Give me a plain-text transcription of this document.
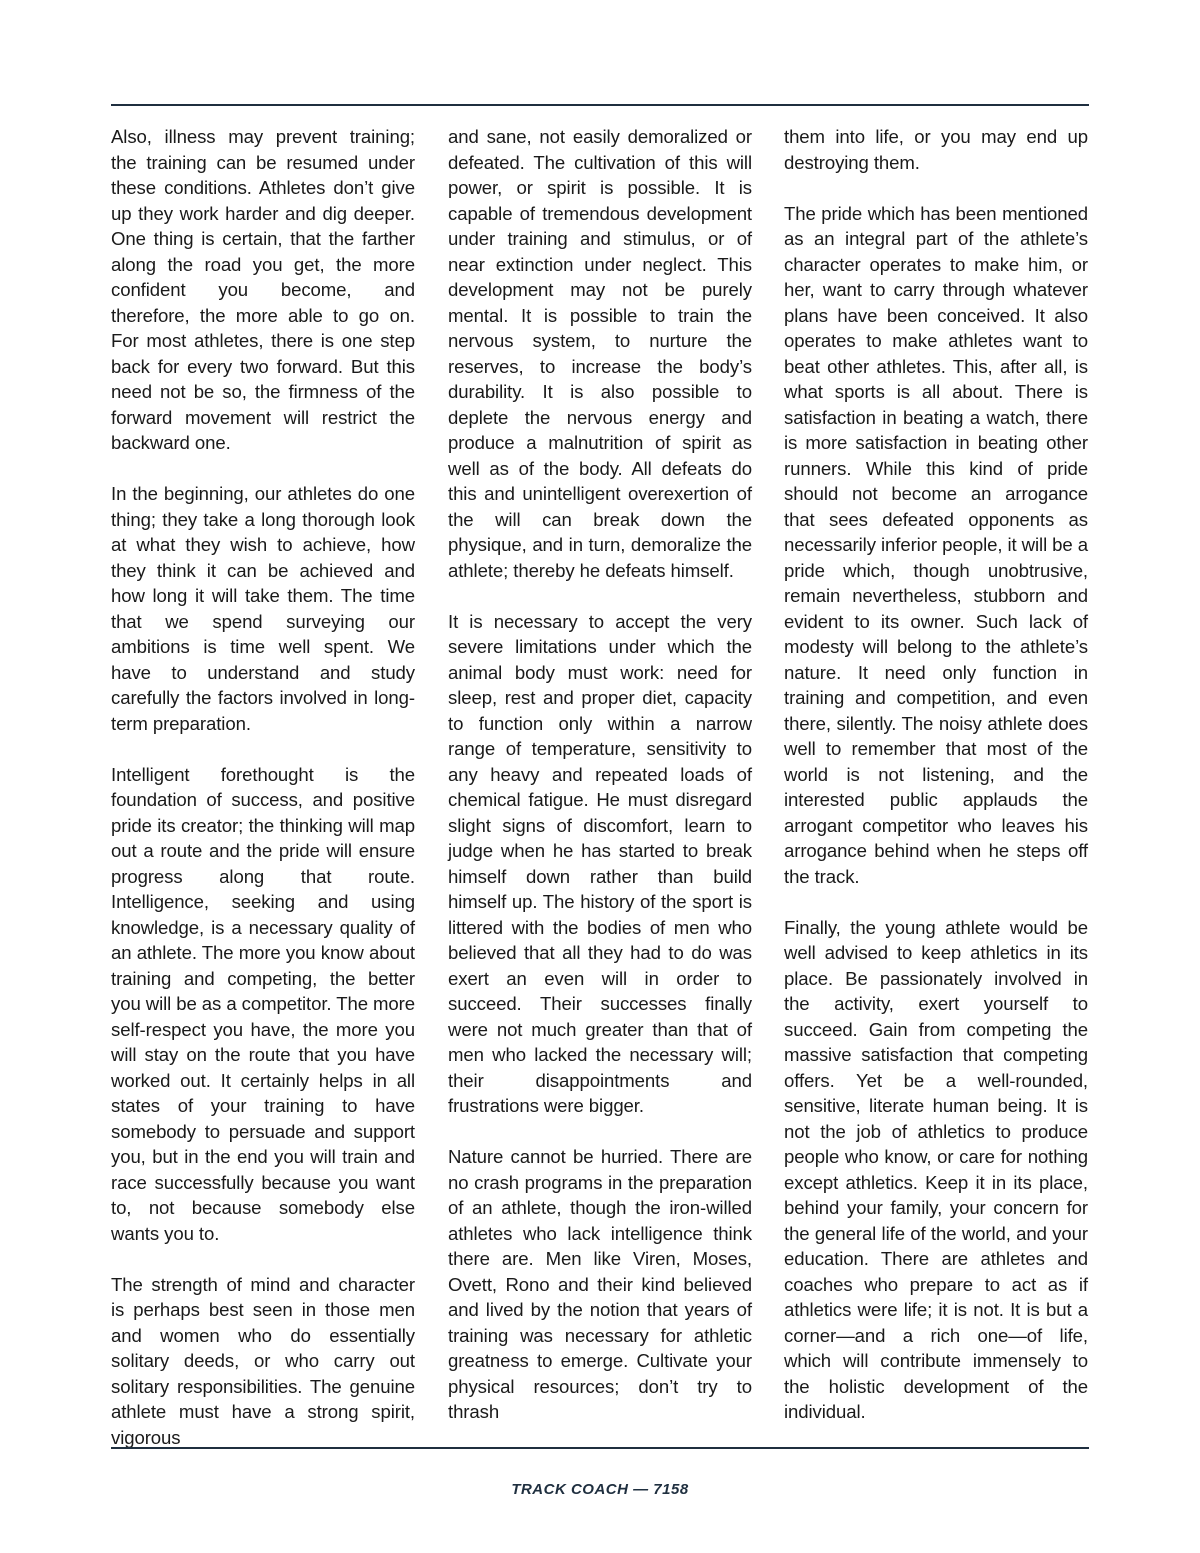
Also, illness may prevent training; the training can be resumed under these conditions. Athletes don’t give up they work harder and dig deeper. One thing is certain, that the farther along the road you get, the more confident you become, and therefore, the more able to go on. For most athletes, there is one step back for every two forward. But this need not be so, the firmness of the forward movement will restrict the backward one.

In the beginning, our athletes do one thing; they take a long thorough look at what they wish to achieve, how they think it can be achieved and how long it will take them. The time that we spend surveying our ambitions is time well spent. We have to understand and study carefully the factors involved in long-term preparation.

Intelligent forethought is the foundation of success, and positive pride its creator; the thinking will map out a route and the pride will ensure progress along that route. Intelligence, seeking and using knowledge, is a necessary quality of an athlete. The more you know about training and competing, the better you will be as a competitor. The more self-respect you have, the more you will stay on the route that you have worked out. It certainly helps in all states of your training to have somebody to persuade and support you, but in the end you will train and race successfully because you want to, not because somebody else wants you to.

The strength of mind and character is perhaps best seen in those men and women who do essentially solitary deeds, or who carry out solitary responsibilities. The genuine athlete must have a strong spirit, vigorous

and sane, not easily demoralized or defeated. The cultivation of this will power, or spirit is possible. It is capable of tremendous development under training and stimulus, or of near extinction under neglect. This development may not be purely mental. It is possible to train the nervous system, to nurture the reserves, to increase the body’s durability. It is also possible to deplete the nervous energy and produce a malnutrition of spirit as well as of the body. All defeats do this and unintelligent overexertion of the will can break down the physique, and in turn, demoralize the athlete; thereby he defeats himself.

It is necessary to accept the very severe limitations under which the animal body must work: need for sleep, rest and proper diet, capacity to function only within a narrow range of temperature, sensitivity to any heavy and repeated loads of chemical fatigue. He must disregard slight signs of discomfort, learn to judge when he has started to break himself down rather than build himself up. The history of the sport is littered with the bodies of men who believed that all they had to do was exert an even will in order to succeed. Their successes finally were not much greater than that of men who lacked the necessary will; their disappointments and frustrations were bigger.

Nature cannot be hurried. There are no crash programs in the preparation of an athlete, though the iron-willed athletes who lack intelligence think there are. Men like Viren, Moses, Ovett, Rono and their kind believed and lived by the notion that years of training was necessary for athletic greatness to emerge. Cultivate your physical resources; don’t try to thrash

them into life, or you may end up destroying them.

The pride which has been mentioned as an integral part of the athlete’s character operates to make him, or her, want to carry through whatever plans have been conceived. It also operates to make athletes want to beat other athletes. This, after all, is what sports is all about. There is satisfaction in beating a watch, there is more satisfaction in beating other runners. While this kind of pride should not become an arrogance that sees defeated opponents as necessarily inferior people, it will be a pride which, though unobtrusive, remain nevertheless, stubborn and evident to its owner. Such lack of modesty will belong to the athlete’s nature. It need only function in training and competition, and even there, silently. The noisy athlete does well to remember that most of the world is not listening, and the interested public applauds the arrogant competitor who leaves his arrogance behind when he steps off the track.

Finally, the young athlete would be well advised to keep athletics in its place. Be passionately involved in the activity, exert yourself to succeed. Gain from competing the massive satisfaction that competing offers. Yet be a well-rounded, sensitive, literate human being. It is not the job of athletics to produce people who know, or care for nothing except athletics. Keep it in its place, behind your family, your concern for the general life of the world, and your education. There are athletes and coaches who prepare to act as if athletics were life; it is not. It is but a corner—and a rich one—of life, which will contribute immensely to the holistic development of the individual.

TRACK COACH — 7158
